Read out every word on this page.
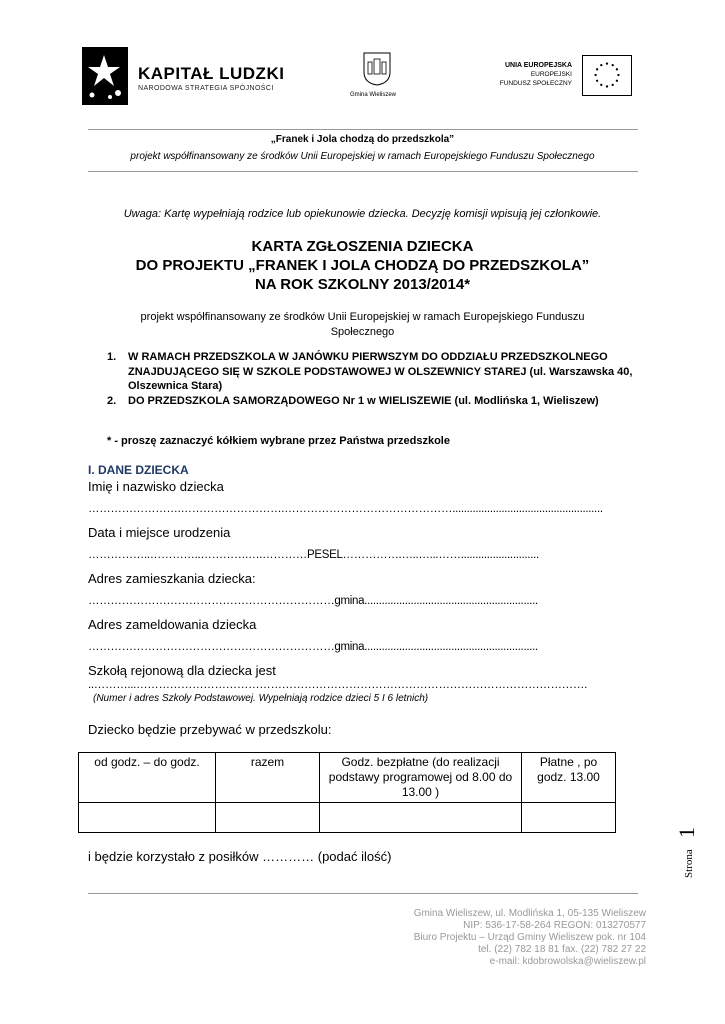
KAPITAŁ LUDZKI
NARODOWA STRATEGIA SPÓJNOŚCI
Gmina Wieliszew
UNIA EUROPEJSKA
EUROPEJSKI
FUNDUSZ SPOŁECZNY
„Franek i Jola chodzą do przedszkola”
projekt współfinansowany ze środków Unii Europejskiej w ramach Europejskiego Funduszu Społecznego
Uwaga: Kartę wypełniają rodzice lub opiekunowie dziecka. Decyzję komisji wpisują jej członkowie.
KARTA ZGŁOSZENIA DZIECKA
DO PROJEKTU „FRANEK I JOLA CHODZĄ DO PRZEDSZKOLA”
NA ROK SZKOLNY 2013/2014*
projekt współfinansowany ze środków Unii Europejskiej w ramach Europejskiego Funduszu Społecznego
1. W RAMACH PRZEDSZKOLA W JANÓWKU PIERWSZYM DO ODDZIAŁU PRZEDSZKOLNEGO ZNAJDUJĄCEGO SIĘ W SZKOLE PODSTAWOWEJ W OLSZEWNICY STAREJ (ul. Warszawska 40, Olszewnica Stara)
2. DO PRZEDSZKOLA SAMORZĄDOWEGO Nr 1 w WIELISZEWIE (ul. Modlińska 1, Wieliszew)
* - proszę zaznaczyć kółkiem wybrane przez Państwa przedszkole
I. DANE DZIECKA
Imię i nazwisko dziecka
…………………….……………………….………………………………………....................................................
Data i miejsce urodzenia
……………..…………..………….….…………PESEL…………….…..…...……...........................
Adres zamieszkania dziecka:
…………………………………………………………gmina............................................................
Adres zameldowania dziecka
…………………………………………………………gmina............................................................
Szkołą rejonową dla dziecka jest
..………...………………………………………………………………………………………………………….
(Numer i adres Szkoły Podstawowej. Wypełniają rodzice dzieci 5 I 6 letnich)
Dziecko będzie przebywać w przedszkolu:
od godz. – do godz.	razem	Godz. bezpłatne (do realizacji podstawy programowej od 8.00 do 13.00 )	Płatne , po godz. 13.00

i będzie korzystało z posiłków ………… (podać ilość)	Strona
1
Gmina Wieliszew, ul. Modlińska 1, 05-135 Wieliszew
NIP: 536-17-58-264 REGON: 013270577
Biuro Projektu – Urząd Gminy Wieliszew pok. nr 104
tel. (22) 782 18 81 fax. (22) 782 27 22
e-mail: kdobrowolska@wieliszew.pl
